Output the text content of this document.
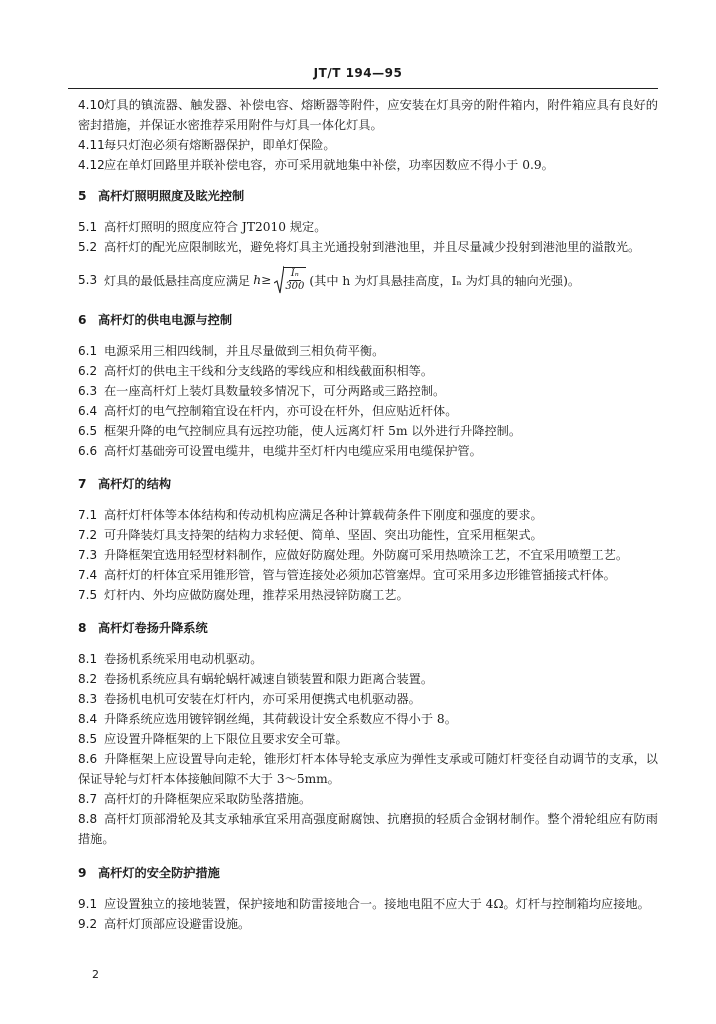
JT/T 194—95
4.10灯具的镇流器、触发器、补偿电容、熔断器等附件，应安装在灯具旁的附件箱内，附件箱应具有良好的密封措施，并保证水密推荐采用附件与灯具一体化灯具。
4.11每只灯泡必须有熔断器保护，即单灯保险。
4.12应在单灯回路里并联补偿电容，亦可采用就地集中补偿，功率因数应不得小于 0.9。
5 高杆灯照明照度及眩光控制
5.1 高杆灯照明的照度应符合 JT2010 规定。
5.2 高杆灯的配光应限制眩光，避免将灯具主光通投射到港池里，并且尽量减少投射到港池里的溢散光。
5.3 灯具的最低悬挂高度应满足 $h\ge \frac{\text{Iₙ}}{300}$ (其中 h 为灯具悬挂高度，Iₙ 为灯具的轴向光强)。
6 高杆灯的供电电源与控制
6.1 电源采用三相四线制，并且尽量做到三相负荷平衡。
6.2 高杆灯的供电主干线和分支线路的零线应和相线截面积相等。
6.3 在一座高杆灯上装灯具数量较多情况下，可分两路或三路控制。
6.4 高杆灯的电气控制箱宜设在杆内，亦可设在杆外，但应贴近杆体。
6.5 框架升降的电气控制应具有远控功能，使人远离灯杆 5m 以外进行升降控制。
6.6 高杆灯基础旁可设置电缆井，电缆井至灯杆内电缆应采用电缆保护管。
7 高杆灯的结构
7.1 高杆灯杆体等本体结构和传动机构应满足各种计算载荷条件下刚度和强度的要求。
7.2 可升降装灯具支持架的结构力求轻便、简单、坚固、突出功能性，宜采用框架式。
7.3 升降框架宜选用轻型材料制作，应做好防腐处理。外防腐可采用热喷涂工艺，不宜采用喷塑工艺。
7.4 高杆灯的杆体宜采用锥形管，管与管连接处必须加芯管塞焊。宜可采用多边形锥管插接式杆体。
7.5 灯杆内、外均应做防腐处理，推荐采用热浸锌防腐工艺。
8 高杆灯卷扬升降系统
8.1 卷扬机系统采用电动机驱动。
8.2 卷扬机系统应具有蜗轮蜗杆减速自锁装置和限力距离合装置。
8.3 卷扬机电机可安装在灯杆内，亦可采用便携式电机驱动器。
8.4 升降系统应选用镀锌钢丝绳，其荷载设计安全系数应不得小于 8。
8.5 应设置升降框架的上下限位且要求安全可靠。
8.6 升降框架上应设置导向走轮，锥形灯杆本体导轮支承应为弹性支承或可随灯杆变径自动调节的支承，以保证导轮与灯杆本体接触间隙不大于 3～5mm。
8.7 高杆灯的升降框架应采取防坠落措施。
8.8 高杆灯顶部滑轮及其支承轴承宜采用高强度耐腐蚀、抗磨损的轻质合金钢材制作。整个滑轮组应有防雨措施。
9 高杆灯的安全防护措施
9.1 应设置独立的接地装置，保护接地和防雷接地合一。接地电阻不应大于 4Ω。灯杆与控制箱均应接地。
9.2 高杆灯顶部应设避雷设施。
2
